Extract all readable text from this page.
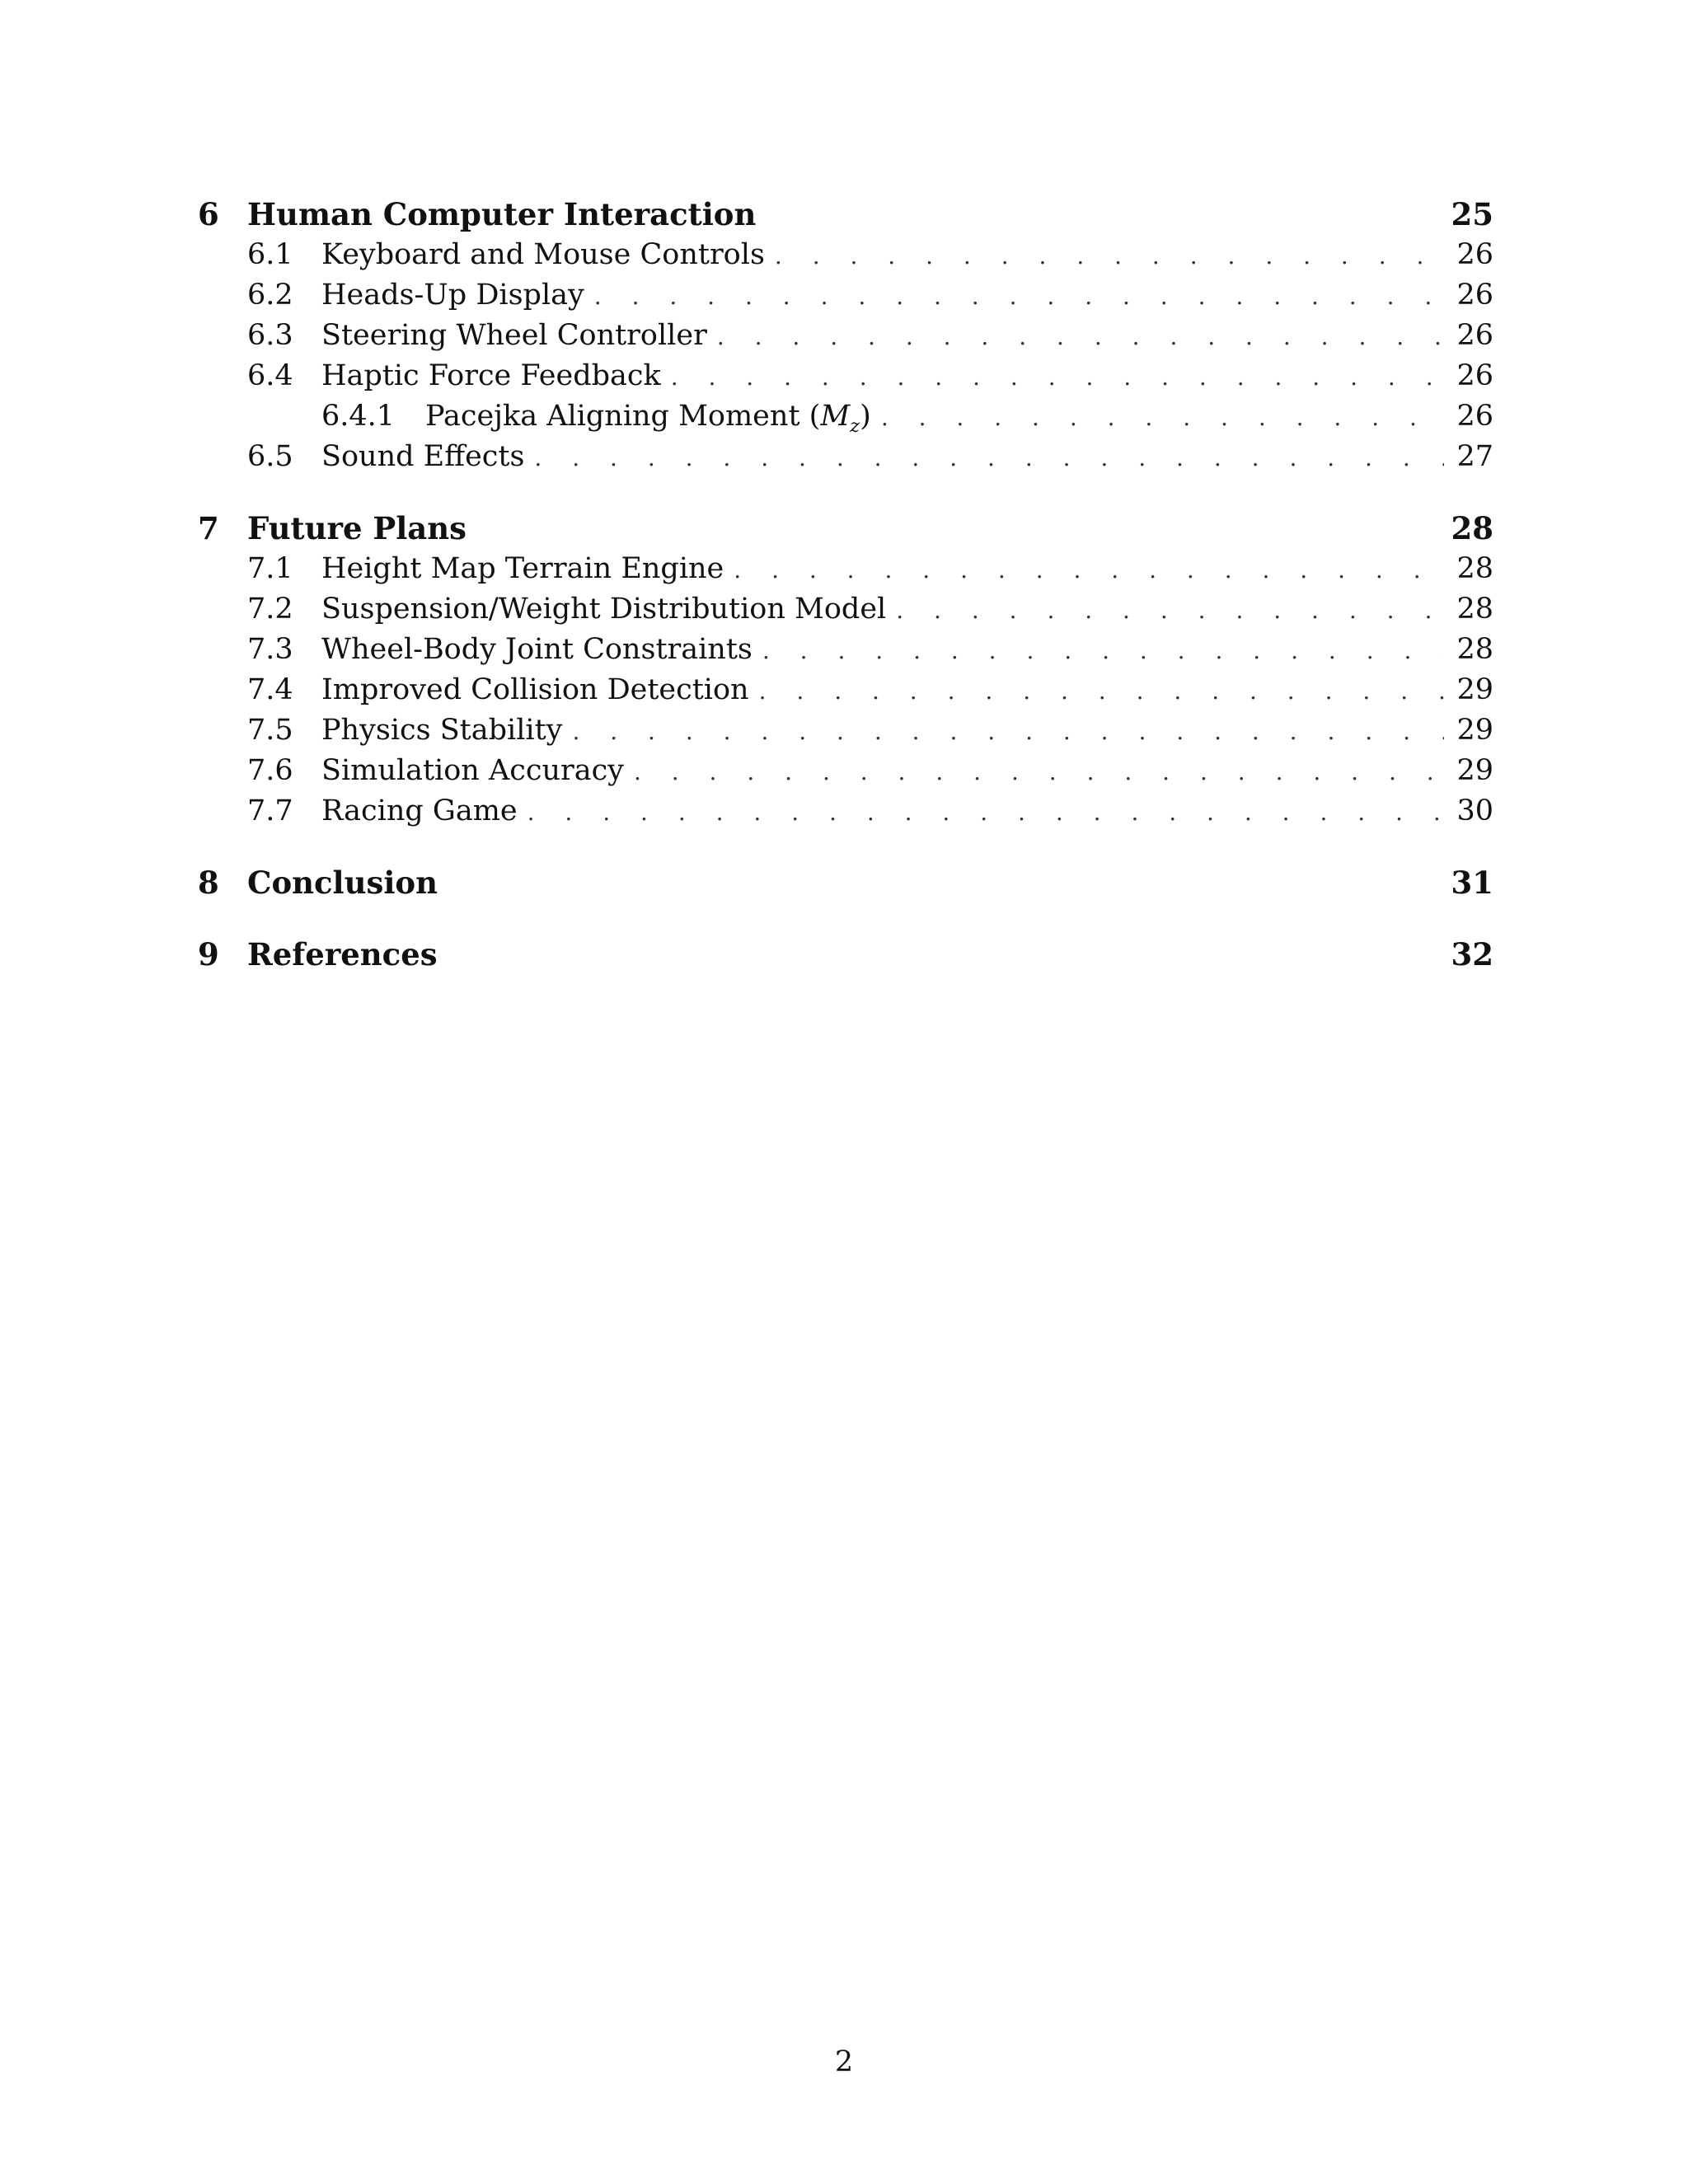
6 Human Computer Interaction	25
6.1 Keyboard and Mouse Controls . . .	26
6.2 Heads-Up Display . . .	26
6.3 Steering Wheel Controller . . .	26
6.4 Haptic Force Feedback . . .	26
6.4.1	Pacejka Aligning Moment $(M_z)$ . . .	26
6.5 Sound Effects . . .	27
7 Future Plans	28
7.1 Height Map Terrain Engine . . .	28
7.2 Suspension/Weight Distribution Model . . .	28
7.3 Wheel-Body Joint Constraints . . .	28
7.4 Improved Collision Detection . . .	29
7.5 Physics Stability . . .	29
7.6 Simulation Accuracy . . .	29
7.7 Racing Game . . .	30
8 Conclusion	31
9 References	32
2
